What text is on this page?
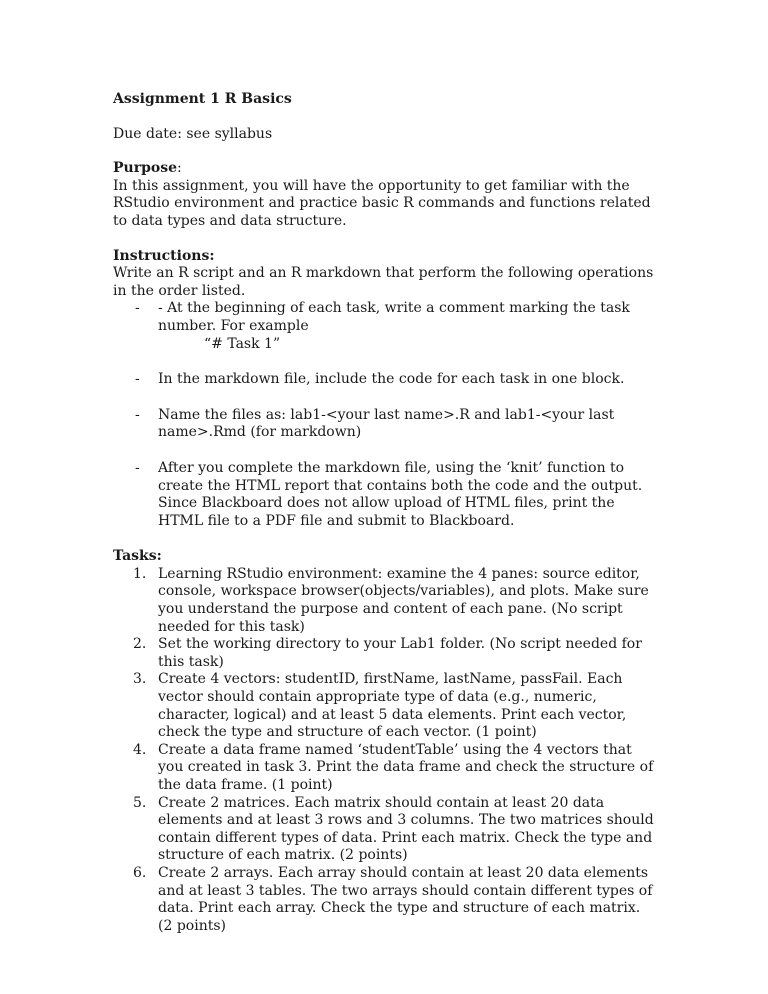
Assignment 1 R Basics

Due date: see syllabus

Purpose:

In this assignment, you will have the opportunity to get familiar with the RStudio environment and practice basic R commands and functions related to data types and data structure.

Instructions:

Write an R script and an R markdown that perform the following operations in the order listed.

- - At the beginning of each task, write a comment marking the task number. For example

“# Task 1”

- In the markdown file, include the code for each task in one block.

- Name the files as: lab1-<your last name>.R and lab1-<your last name>.Rmd (for markdown)

- After you complete the markdown file, using the ‘knit’ function to create the HTML report that contains both the code and the output. Since Blackboard does not allow upload of HTML files, print the HTML file to a PDF file and submit to Blackboard.

Tasks:

1. Learning RStudio environment: examine the 4 panes: source editor, console, workspace browser(objects/variables), and plots. Make sure you understand the purpose and content of each pane. (No script needed for this task)
2. Set the working directory to your Lab1 folder. (No script needed for this task)
3. Create 4 vectors: studentID, firstName, lastName, passFail. Each vector should contain appropriate type of data (e.g., numeric, character, logical) and at least 5 data elements. Print each vector, check the type and structure of each vector. (1 point)
4. Create a data frame named ‘studentTable’ using the 4 vectors that you created in task 3. Print the data frame and check the structure of the data frame. (1 point)
5. Create 2 matrices. Each matrix should contain at least 20 data elements and at least 3 rows and 3 columns. The two matrices should contain different types of data. Print each matrix. Check the type and structure of each matrix. (2 points)
6. Create 2 arrays. Each array should contain at least 20 data elements and at least 3 tables. The two arrays should contain different types of data. Print each array. Check the type and structure of each matrix. (2 points)
